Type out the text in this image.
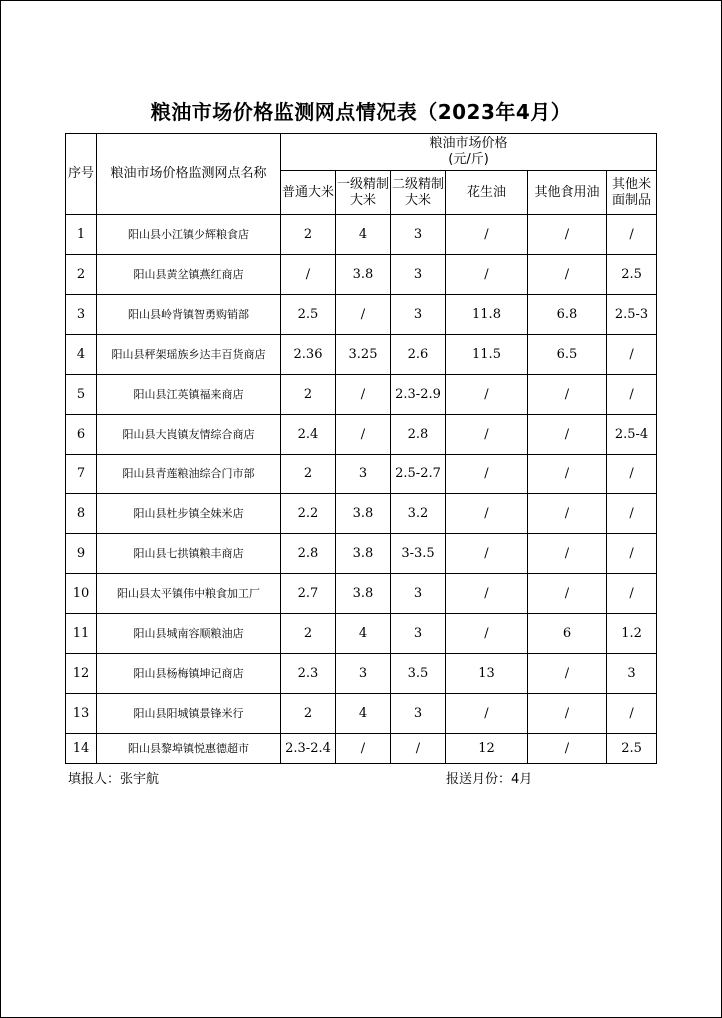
粮油市场价格监测网点情况表（2023年4月）
序号	粮油市场价格监测网点名称	粮油市场价格
(元/斤)					

		普通大米	一级精制大米	二级精制大米	花生油	其他食用油	其他米面制品
1	阳山县小江镇少辉粮食店	2	4	3	/	/	/
2	阳山县黄坌镇燕红商店	/	3.8	3	/	/	2.5
3	阳山县岭背镇智勇购销部	2.5	/	3	11.8	6.8	2.5-3
4	阳山县秤架瑶族乡达丰百货商店	2.36	3.25	2.6	11.5	6.5	/
5	阳山县江英镇福来商店	2	/	2.3-2.9	/	/	/
6	阳山县大崀镇友情综合商店	2.4	/	2.8	/	/	2.5-4
7	阳山县青莲粮油综合门市部	2	3	2.5-2.7	/	/	/
8	阳山县杜步镇全妹米店	2.2	3.8	3.2	/	/	/
9	阳山县七拱镇粮丰商店	2.8	3.8	3-3.5	/	/	/
10	阳山县太平镇伟中粮食加工厂	2.7	3.8	3	/	/	/
11	阳山县城南容顺粮油店	2	4	3	/	6	1.2
12	阳山县杨梅镇坤记商店	2.3	3	3.5	13	/	3
13	阳山县阳城镇景锋米行	2	4	3	/	/	/
14	阳山县黎埠镇悦惠德超市	2.3-2.4	/	/	12	/	2.5
填报人：张宇航	报送月份：4月
